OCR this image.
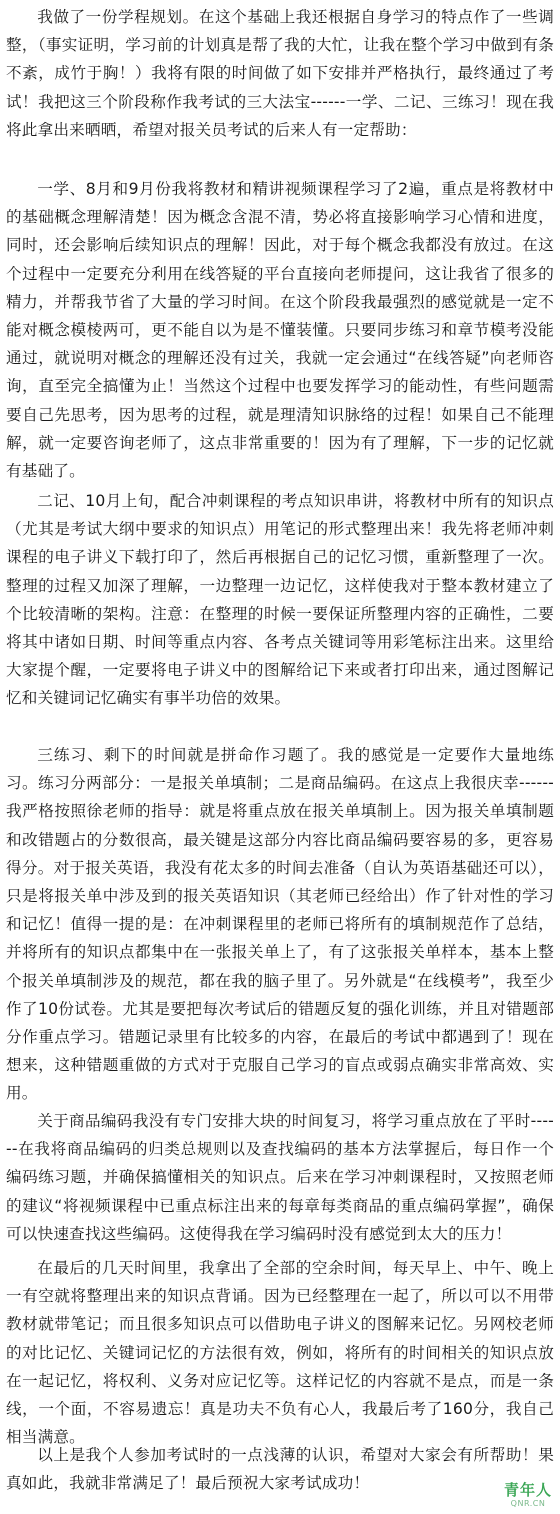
我做了一份学程规划。在这个基础上我还根据自身学习的特点作了一些调整，（事实证明，学习前的计划真是帮了我的大忙，让我在整个学习中做到有条不紊，成竹于胸！）我将有限的时间做了如下安排并严格执行，最终通过了考试！我把这三个阶段称作我考试的三大法宝------一学、二记、三练习！现在我将此拿出来晒晒，希望对报关员考试的后来人有一定帮助：

一学、8月和9月份我将教材和精讲视频课程学习了2遍，重点是将教材中的基础概念理解清楚！因为概念含混不清，势必将直接影响学习心情和进度，同时，还会影响后续知识点的理解！因此，对于每个概念我都没有放过。在这个过程中一定要充分利用在线答疑的平台直接向老师提问，这让我省了很多的精力，并帮我节省了大量的学习时间。在这个阶段我最强烈的感觉就是一定不能对概念模棱两可，更不能自以为是不懂装懂。只要同步练习和章节模考没能通过，就说明对概念的理解还没有过关，我就一定会通过“在线答疑”向老师咨询，直至完全搞懂为止！当然这个过程中也要发挥学习的能动性，有些问题需要自己先思考，因为思考的过程，就是理清知识脉络的过程！如果自己不能理解，就一定要咨询老师了，这点非常重要的！因为有了理解，下一步的记忆就有基础了。

二记、10月上旬，配合冲刺课程的考点知识串讲，将教材中所有的知识点（尤其是考试大纲中要求的知识点）用笔记的形式整理出来！我先将老师冲刺课程的电子讲义下载打印了，然后再根据自己的记忆习惯，重新整理了一次。整理的过程又加深了理解，一边整理一边记忆，这样使我对于整本教材建立了个比较清晰的架构。注意：在整理的时候一要保证所整理内容的正确性，二要将其中诸如日期、时间等重点内容、各考点关键词等用彩笔标注出来。这里给大家提个醒，一定要将电子讲义中的图解给记下来或者打印出来，通过图解记忆和关键词记忆确实有事半功倍的效果。

三练习、剩下的时间就是拼命作习题了。我的感觉是一定要作大量地练习。练习分两部分：一是报关单填制；二是商品编码。在这点上我很庆幸------我严格按照徐老师的指导：就是将重点放在报关单填制上。因为报关单填制题和改错题占的分数很高，最关键是这部分内容比商品编码要容易的多，更容易得分。对于报关英语，我没有花太多的时间去准备（自认为英语基础还可以），只是将报关单中涉及到的报关英语知识（其老师已经给出）作了针对性的学习和记忆！值得一提的是：在冲刺课程里的老师已将所有的填制规范作了总结，并将所有的知识点都集中在一张报关单上了，有了这张报关单样本，基本上整个报关单填制涉及的规范，都在我的脑子里了。另外就是“在线模考”，我至少作了10份试卷。尤其是要把每次考试后的错题反复的强化训练，并且对错题部分作重点学习。错题记录里有比较多的内容，在最后的考试中都遇到了！现在想来，这种错题重做的方式对于克服自己学习的盲点或弱点确实非常高效、实用。

关于商品编码我没有专门安排大块的时间复习，将学习重点放在了平时------在我将商品编码的归类总规则以及查找编码的基本方法掌握后，每日作一个编码练习题，并确保搞懂相关的知识点。后来在学习冲刺课程时，又按照老师的建议“将视频课程中已重点标注出来的每章每类商品的重点编码掌握”，确保可以快速查找这些编码。这使得我在学习编码时没有感觉到太大的压力！

在最后的几天时间里，我拿出了全部的空余时间，每天早上、中午、晚上一有空就将整理出来的知识点背诵。因为已经整理在一起了，所以可以不用带教材就带笔记；而且很多知识点可以借助电子讲义的图解来记忆。另网校老师的对比记忆、关键词记忆的方法很有效，例如，将所有的时间相关的知识点放在一起记忆，将权利、义务对应记忆等。这样记忆的内容就不是点，而是一条线，一个面，不容易遗忘！真是功夫不负有心人，我最后考了160分，我自己相当满意。

以上是我个人参加考试时的一点浅薄的认识，希望对大家会有所帮助！果真如此，我就非常满足了！最后预祝大家考试成功！	青年人
QNR.CN
